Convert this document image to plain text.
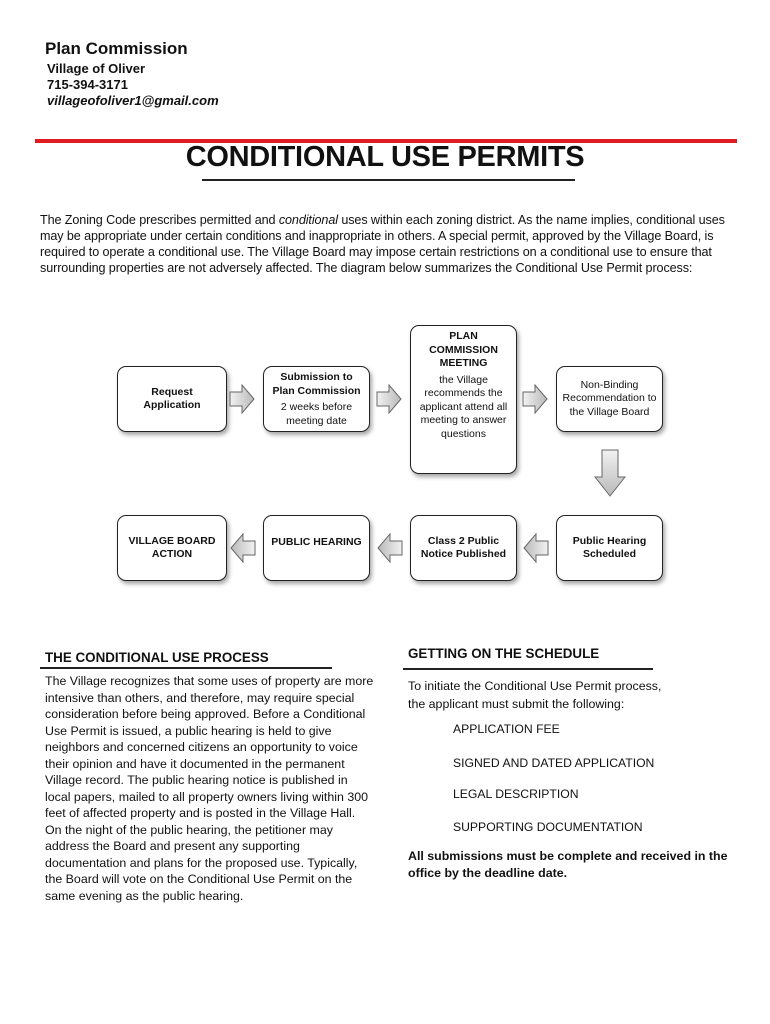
Plan Commission
Village of Oliver
715-394-3171
villageofoliver1@gmail.com
CONDITIONAL USE PERMITS
The Zoning Code prescribes permitted and conditional uses within each zoning district. As the name implies, conditional uses may be appropriate under certain conditions and inappropriate in others. A special permit, approved by the Village Board, is required to operate a conditional use. The Village Board may impose certain restrictions on a conditional use to ensure that surrounding properties are not adversely affected. The diagram below summarizes the Conditional Use Permit process:
Request Application
Submission to Plan Commission
2 weeks before meeting date
PLAN COMMISSION MEETING
the Village recommends the applicant attend all meeting to answer questions
Non-Binding Recommendation to the Village Board
VILLAGE BOARD ACTION
PUBLIC HEARING	Class 2 Public Notice Published
Public Hearing Scheduled
THE CONDITIONAL USE PROCESS
The Village recognizes that some uses of property are more intensive than others, and therefore, may require special consideration before being approved. Before a Conditional Use Permit is issued, a public hearing is held to give neighbors and concerned citizens an opportunity to voice their opinion and have it documented in the permanent Village record. The public hearing notice is published in local papers, mailed to all property owners living within 300 feet of affected property and is posted in the Village Hall. On the night of the public hearing, the petitioner may address the Board and present any supporting documentation and plans for the proposed use. Typically, the Board will vote on the Conditional Use Permit on the same evening as the public hearing.
GETTING ON THE SCHEDULE
To initiate the Conditional Use Permit process,
the applicant must submit the following:
APPLICATION FEE
SIGNED AND DATED APPLICATION
LEGAL DESCRIPTION
SUPPORTING DOCUMENTATION
All submissions must be complete and received in the office by the deadline date.
